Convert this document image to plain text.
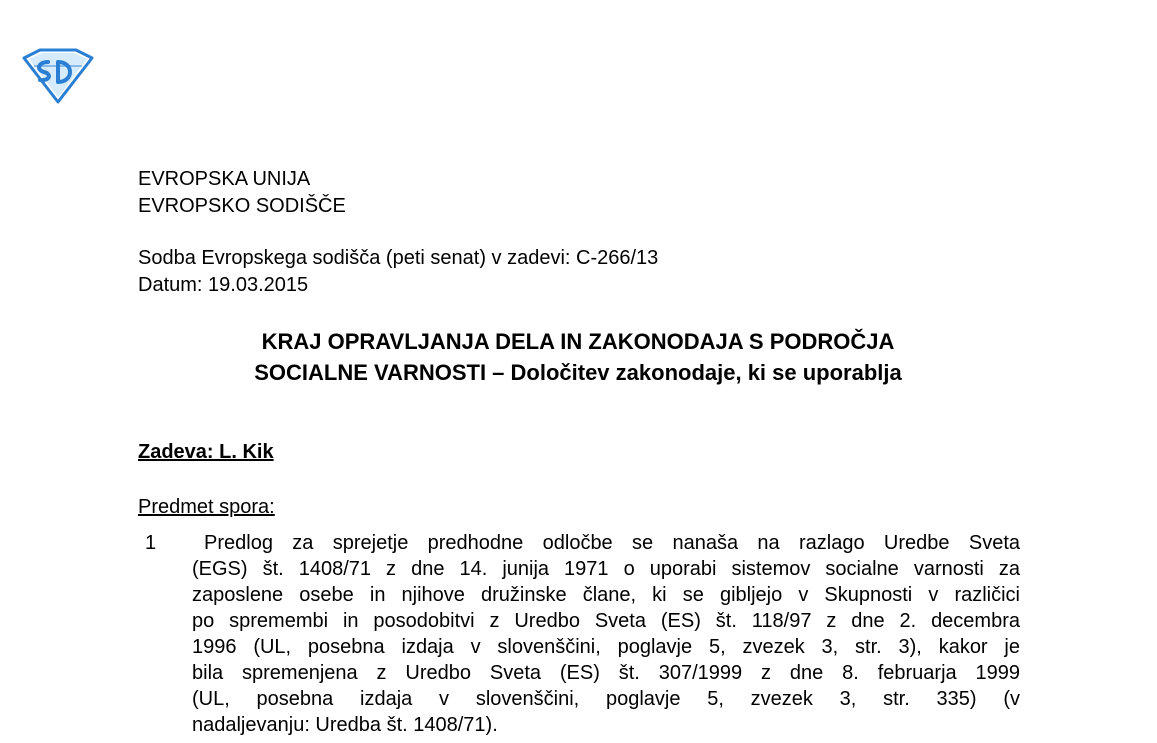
EVROPSKA UNIJA
EVROPSKO SODIŠČE
Sodba Evropskega sodišča (peti senat) v zadevi: C-266/13
Datum: 19.03.2015
KRAJ OPRAVLJANJA DELA IN ZAKONODAJA S PODROČJA
SOCIALNE VARNOSTI – Določitev zakonodaje, ki se uporablja
Zadeva: L. Kik
Predmet spora:
1	Predlog za sprejetje predhodne odločbe se nanaša na razlago Uredbe Sveta
(EGS) št. 1408/71 z dne 14. junija 1971 o uporabi sistemov socialne varnosti za
zaposlene osebe in njihove družinske člane, ki se gibljejo v Skupnosti v različici
po spremembi in posodobitvi z Uredbo Sveta (ES) št. 118/97 z dne 2. decembra
1996 (UL, posebna izdaja v slovenščini, poglavje 5, zvezek 3, str. 3), kakor je
bila spremenjena z Uredbo Sveta (ES) št. 307/1999 z dne 8. februarja 1999
(UL, posebna izdaja v slovenščini, poglavje 5, zvezek 3, str. 335) (v
nadaljevanju: Uredba št. 1408/71).
